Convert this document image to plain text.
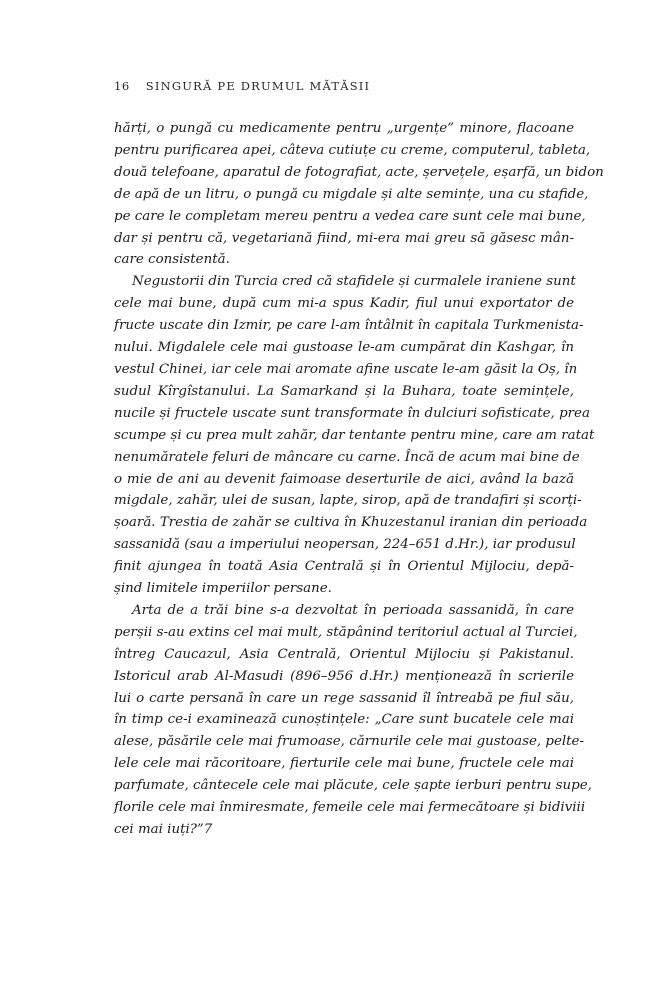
16 SINGURĂ PE DRUMUL MĂTĂSII
hărți, o pungă cu medicamente pentru „urgențe” minore, flacoane
pentru purificarea apei, câteva cutiuțe cu creme, computerul, tableta,
două telefoane, aparatul de fotografiat, acte, șervețele, eșarfă, un bidon
de apă de un litru, o pungă cu migdale și alte semințe, una cu stafide,
pe care le completam mereu pentru a vedea care sunt cele mai bune,
dar și pentru că, vegetariană fiind, mi-era mai greu să găsesc mân-
care consistentă.
Negustorii din Turcia cred că stafidele și curmalele iraniene sunt
cele mai bune, după cum mi-a spus Kadir, fiul unui exportator de
fructe uscate din Izmir, pe care l-am întâlnit în capitala Turkmenista-
nului. Migdalele cele mai gustoase le-am cumpărat din Kashgar, în
vestul Chinei, iar cele mai aromate afine uscate le-am găsit la Oș, în
sudul Kîrgîstanului. La Samarkand și la Buhara, toate semințele,
nucile și fructele uscate sunt transformate în dulciuri sofisticate, prea
scumpe și cu prea mult zahăr, dar tentante pentru mine, care am ratat
nenumăratele feluri de mâncare cu carne. Încă de acum mai bine de
o mie de ani au devenit faimoase deserturile de aici, având la bază
migdale, zahăr, ulei de susan, lapte, sirop, apă de trandafiri și scorți-
șoară. Trestia de zahăr se cultiva în Khuzestanul iranian din perioada
sassanidă (sau a imperiului neopersan, 224–651 d.Hr.), iar produsul
finit ajungea în toată Asia Centrală și în Orientul Mijlociu, depă-
șind limitele imperiilor persane.
Arta de a trăi bine s-a dezvoltat în perioada sassanidă, în care
perșii s-au extins cel mai mult, stăpânind teritoriul actual al Turciei,
întreg Caucazul, Asia Centrală, Orientul Mijlociu și Pakistanul.
Istoricul arab Al-Masudi (896–956 d.Hr.) menționează în scrierile
lui o carte persană în care un rege sassanid îl întreabă pe fiul său,
în timp ce-i examinează cunoștințele: „Care sunt bucatele cele mai
alese, păsările cele mai frumoase, cărnurile cele mai gustoase, pelte-
lele cele mai răcoritoare, fierturile cele mai bune, fructele cele mai
parfumate, cântecele cele mai plăcute, cele șapte ierburi pentru supe,
florile cele mai înmiresmate, femeile cele mai fermecătoare și bidiviii
cei mai iuți?”7
